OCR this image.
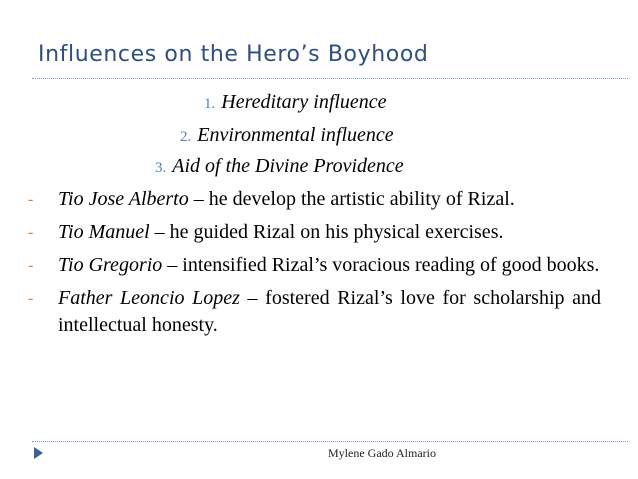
Influences on the Hero’s Boyhood
1. Hereditary influence
2. Environmental influence
3. Aid of the Divine Providence
- Tio Jose Alberto – he develop the artistic ability of Rizal.
- Tio Manuel – he guided Rizal on his physical exercises.
- Tio Gregorio – intensified Rizal’s voracious reading of good books.
- Father Leoncio Lopez – fostered Rizal’s love for scholarship and intellectual honesty.
Mylene Gado Almario
